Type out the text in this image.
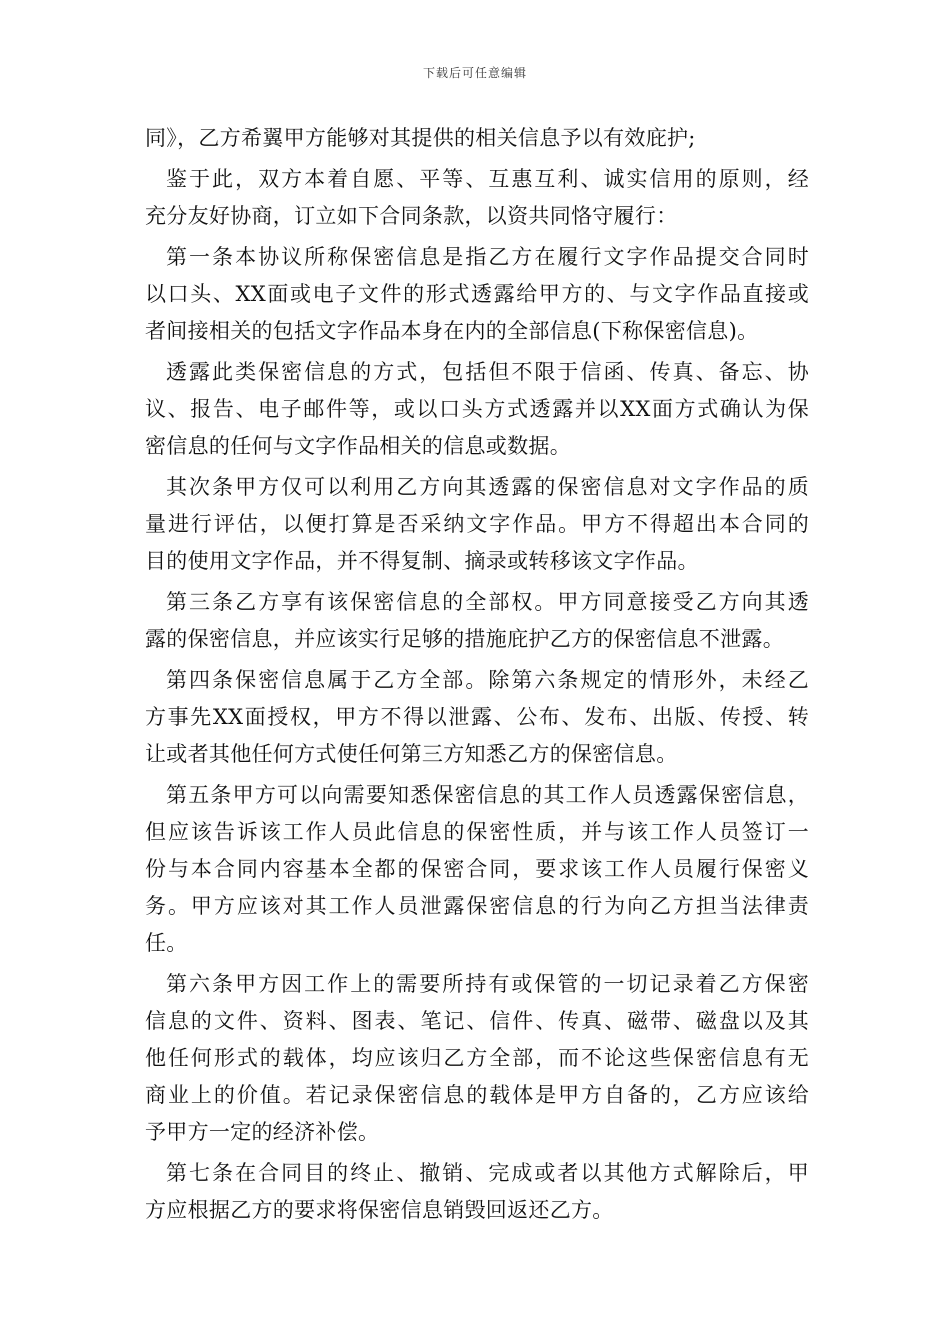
下载后可任意编辑
同》，乙方希翼甲方能够对其提供的相关信息予以有效庇护;
鉴于此，双方本着自愿、平等、互惠互利、诚实信用的原则，经
充分友好协商，订立如下合同条款，以资共同恪守履行：
第一条本协议所称保密信息是指乙方在履行文字作品提交合同时
以口头、XX面或电子文件的形式透露给甲方的、与文字作品直接或
者间接相关的包括文字作品本身在内的全部信息(下称保密信息)。
透露此类保密信息的方式，包括但不限于信函、传真、备忘、协
议、报告、电子邮件等，或以口头方式透露并以XX面方式确认为保
密信息的任何与文字作品相关的信息或数据。
其次条甲方仅可以利用乙方向其透露的保密信息对文字作品的质
量进行评估，以便打算是否采纳文字作品。甲方不得超出本合同的
目的使用文字作品，并不得复制、摘录或转移该文字作品。
第三条乙方享有该保密信息的全部权。甲方同意接受乙方向其透
露的保密信息，并应该实行足够的措施庇护乙方的保密信息不泄露。
第四条保密信息属于乙方全部。除第六条规定的情形外，未经乙
方事先XX面授权，甲方不得以泄露、公布、发布、出版、传授、转
让或者其他任何方式使任何第三方知悉乙方的保密信息。
第五条甲方可以向需要知悉保密信息的其工作人员透露保密信息，
但应该告诉该工作人员此信息的保密性质，并与该工作人员签订一
份与本合同内容基本全都的保密合同，要求该工作人员履行保密义
务。甲方应该对其工作人员泄露保密信息的行为向乙方担当法律责
任。
第六条甲方因工作上的需要所持有或保管的一切记录着乙方保密
信息的文件、资料、图表、笔记、信件、传真、磁带、磁盘以及其
他任何形式的载体，均应该归乙方全部，而不论这些保密信息有无
商业上的价值。若记录保密信息的载体是甲方自备的，乙方应该给
予甲方一定的经济补偿。
第七条在合同目的终止、撤销、完成或者以其他方式解除后，甲
方应根据乙方的要求将保密信息销毁回返还乙方。
